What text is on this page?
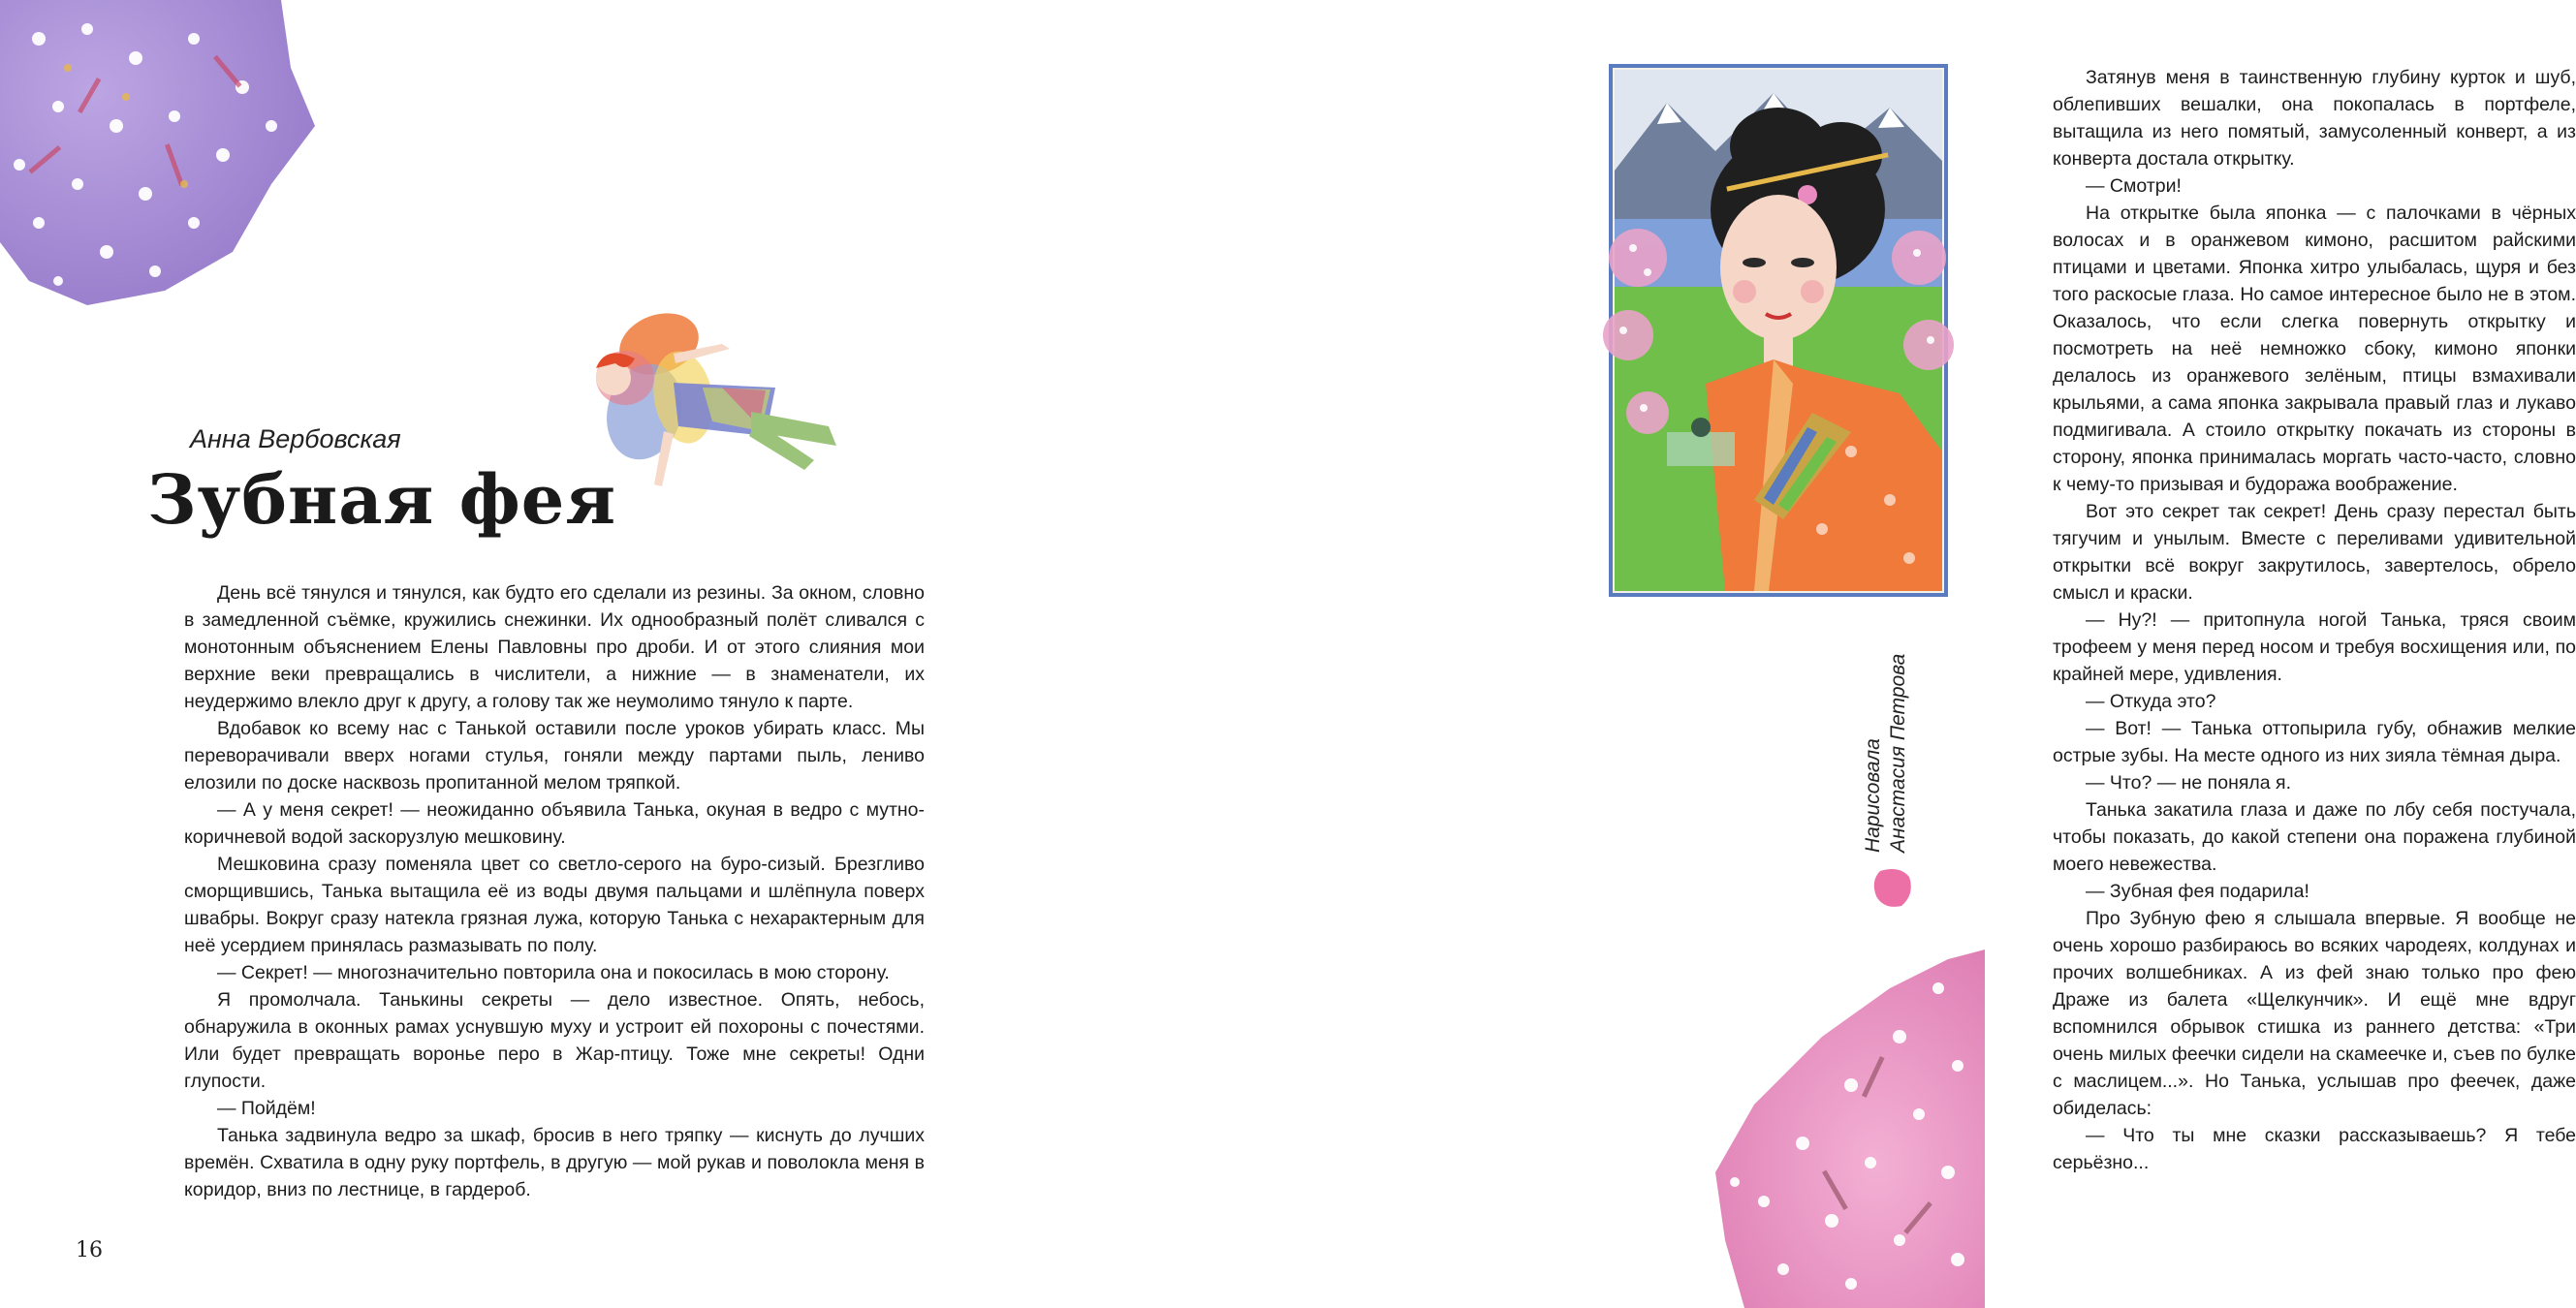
Анна Вербовская
Зубная фея

День всё тянулся и тянулся, как будто его сделали из резины. За окном, словно в замедленной съёмке, кружились снежинки. Их однообразный полёт сливался с монотонным объяснением Елены Павловны про дроби. И от этого слияния мои верхние веки превращались в числители, а нижние — в знаменатели, их неудержимо влекло друг к другу, а голову так же неумолимо тянуло к парте.

Вдобавок ко всему нас с Танькой оставили после уроков убирать класс. Мы переворачивали вверх ногами стулья, гоняли между партами пыль, лениво елозили по доске насквозь пропитанной мелом тряпкой.

— А у меня секрет! — неожиданно объявила Танька, окуная в ведро с мутно-коричневой водой заскорузлую мешковину.

Мешковина сразу поменяла цвет со светло-серого на буро-сизый. Брезгливо сморщившись, Танька вытащила её из воды двумя пальцами и шлёпнула поверх швабры. Вокруг сразу натекла грязная лужа, которую Танька с нехарактерным для неё усердием принялась размазывать по полу.

— Секрет! — многозначительно повторила она и покосилась в мою сторону.

Я промолчала. Танькины секреты — дело известное. Опять, небось, обнаружила в оконных рамах уснувшую муху и устроит ей похороны с почестями. Или будет превращать воронье перо в Жар-птицу. Тоже мне секреты! Одни глупости.

— Пойдём!

Танька задвинула ведро за шкаф, бросив в него тряпку — киснуть до лучших времён. Схватила в одну руку портфель, в другую — мой рукав и поволокла меня в коридор, вниз по лестнице, в гардероб.

16

Затянув меня в таинственную глубину курток и шуб, облепивших вешалки, она покопалась в портфеле, вытащила из него помятый, замусоленный конверт, а из конверта достала открытку.

— Смотри!

На открытке была японка — с палочками в чёрных волосах и в оранжевом кимоно, расшитом райскими птицами и цветами. Японка хитро улыбалась, щуря и без того раскосые глаза. Но самое интересное было не в этом. Оказалось, что если слегка повернуть открытку и посмотреть на неё немножко сбоку, кимоно японки делалось из оранжевого зелёным, птицы взмахивали крыльями, а сама японка закрывала правый глаз и лукаво подмигивала. А стоило открытку покачать из стороны в сторону, японка принималась моргать часто-часто, словно к чему-то призывая и будоража воображение.

Вот это секрет так секрет! День сразу перестал быть тягучим и унылым. Вместе с переливами удивительной открытки всё вокруг закрутилось, завертелось, обрело смысл и краски.

— Ну?! — притопнула ногой Танька, тряся своим трофеем у меня перед носом и требуя восхищения или, по крайней мере, удивления.

— Откуда это?

— Вот! — Танька оттопырила губу, обнажив мелкие острые зубы. На месте одного из них зияла тёмная дыра.

— Что? — не поняла я.

Танька закатила глаза и даже по лбу себя постучала, чтобы показать, до какой степени она поражена глубиной моего невежества.

— Зубная фея подарила!

Про Зубную фею я слышала впервые. Я вообще не очень хорошо разбираюсь во всяких чародеях, колдунах и прочих волшебниках. А из фей знаю только про фею Драже из балета «Щелкунчик». И ещё мне вдруг вспомнился обрывок стишка из раннего детства: «Три очень милых феечки сидели на скамеечке и, съев по булке с маслицем...». Но Танька, услышав про феечек, даже обиделась:

— Что ты мне сказки рассказываешь? Я тебе серьёзно...

Нарисовала Анастасия Петрова
